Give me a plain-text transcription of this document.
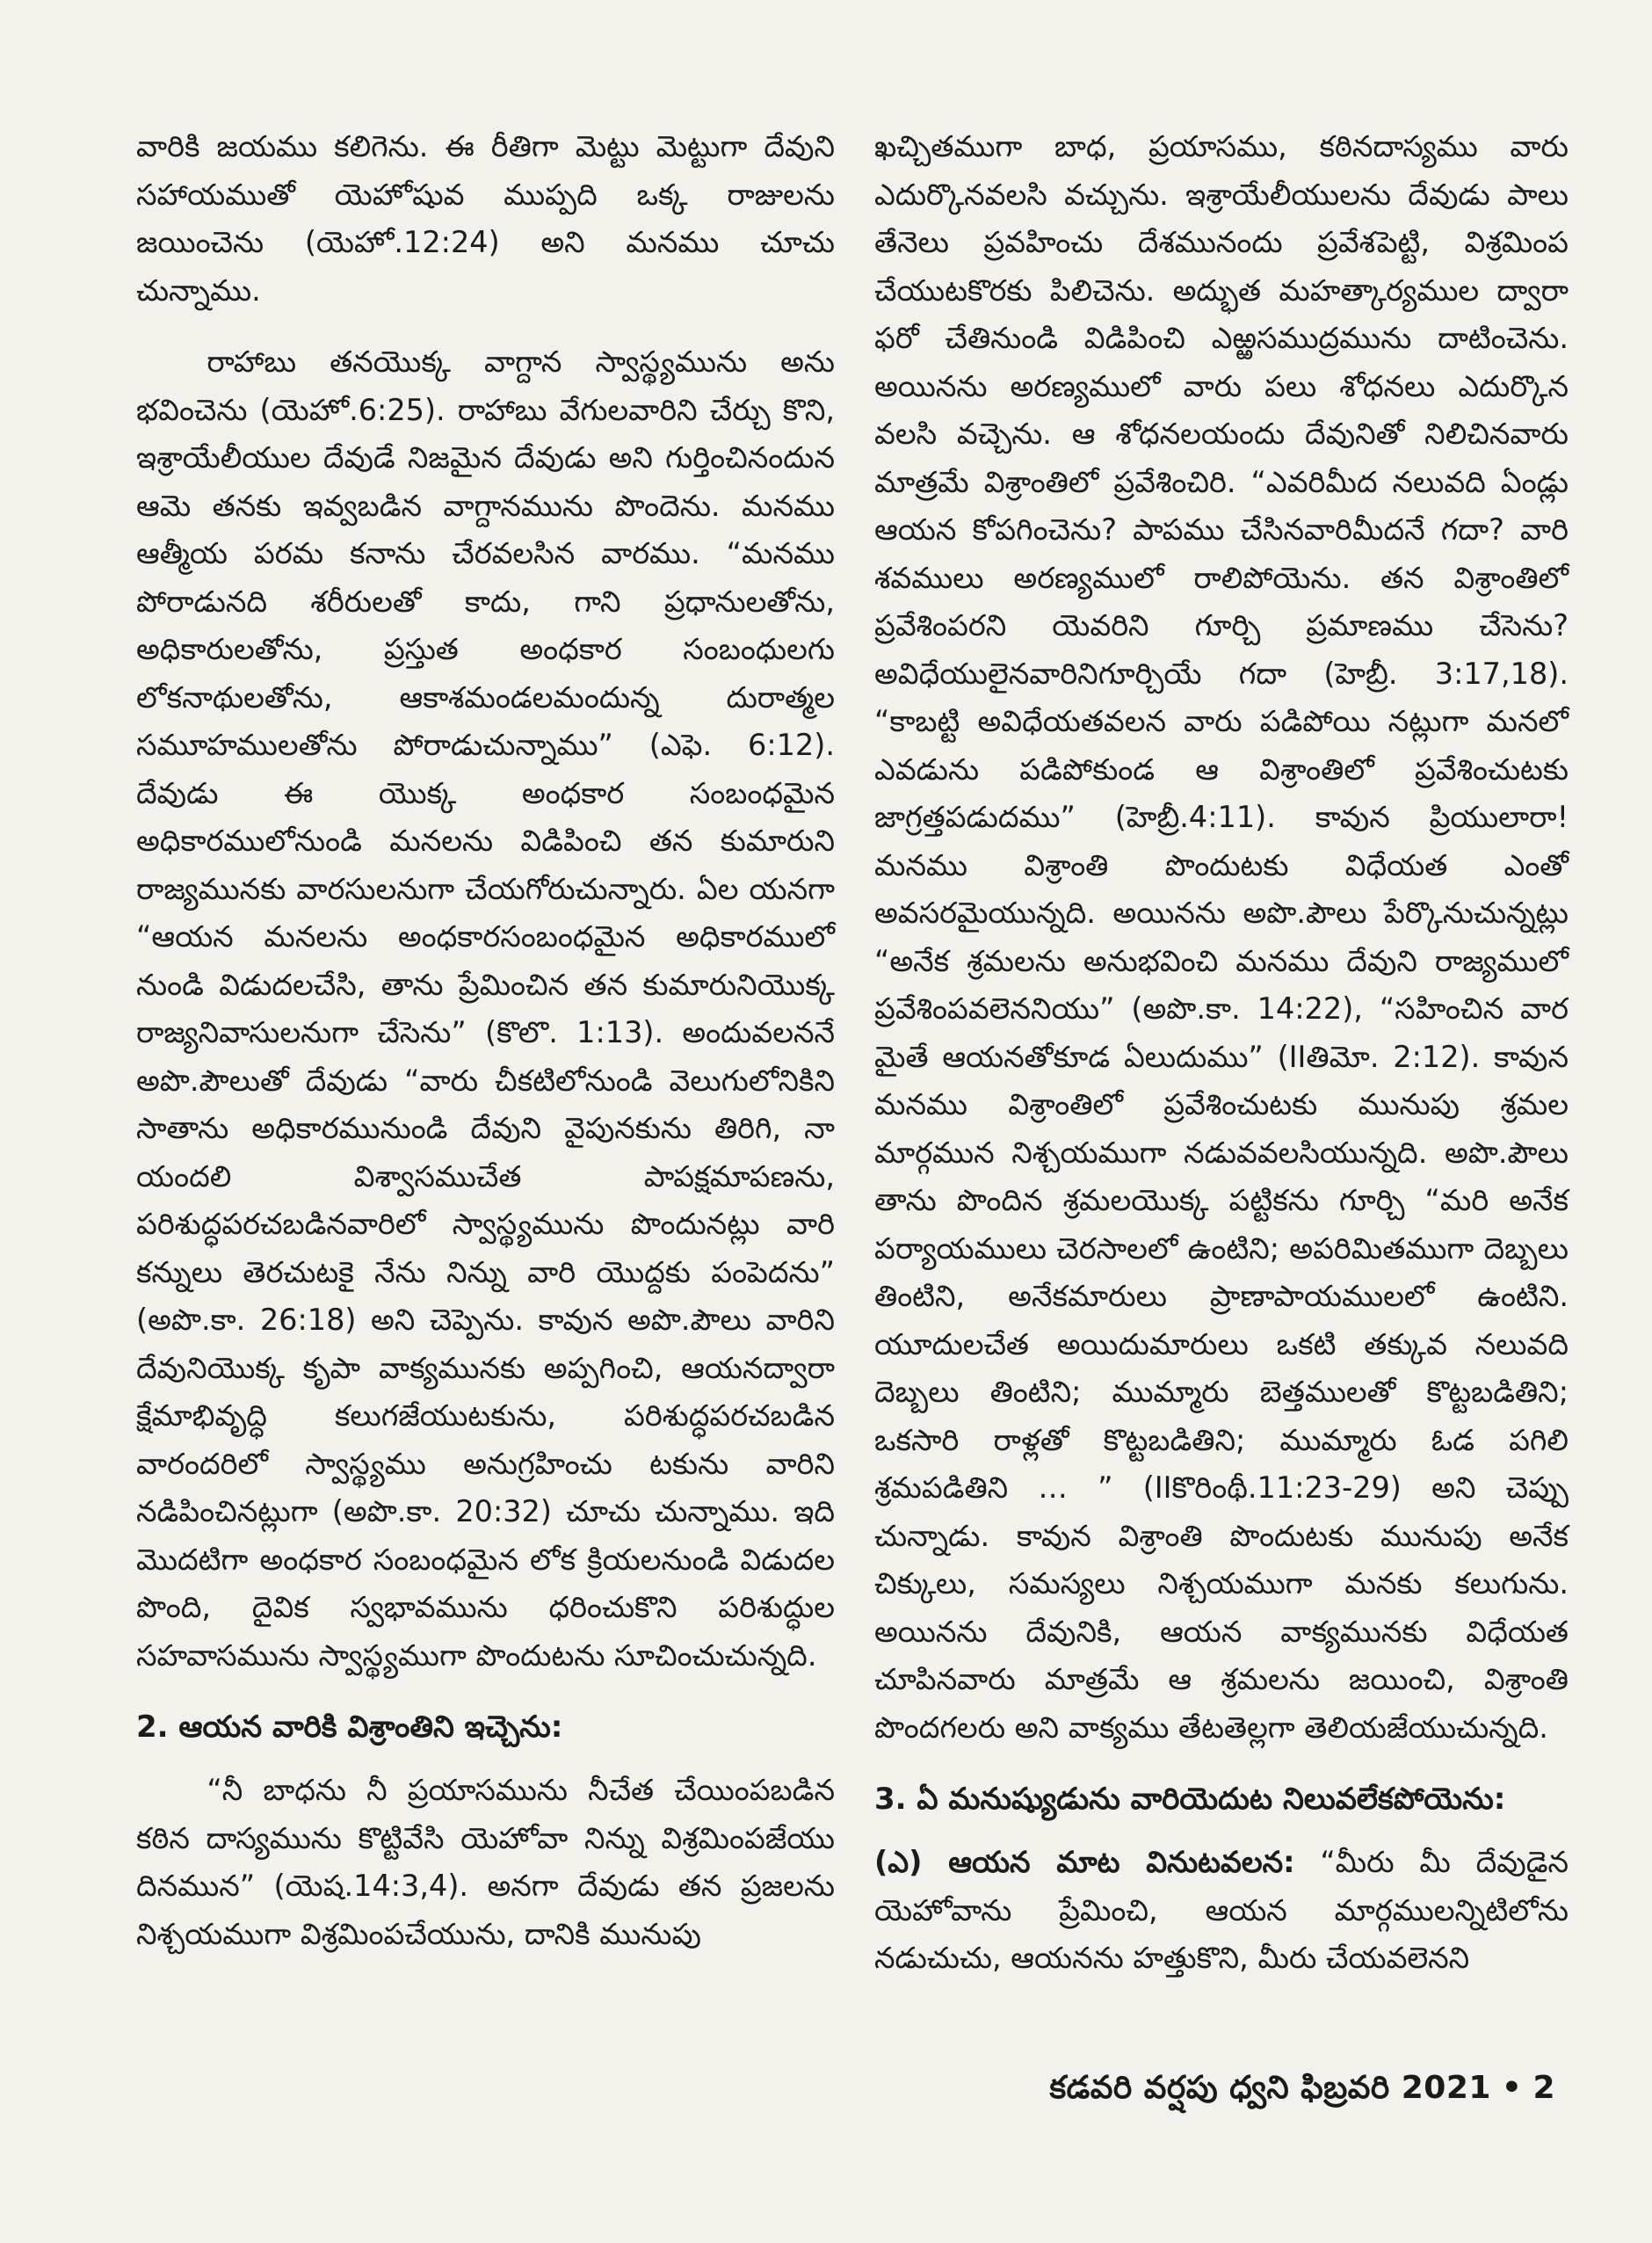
వారికి జయము కలిగెను. ఈ రీతిగా మెట్టు మెట్టుగా దేవుని సహాయముతో యెహోషువ ముప్పది ఒక్క రాజులను జయించెను (యెహో.12:24) అని మనము చూచు చున్నాము.

రాహాబు తనయొక్క వాగ్దాన స్వాస్థ్యమును అను భవించెను (యెహో.6:25). రాహాబు వేగులవారిని చేర్చు కొని, ఇశ్రాయేలీయుల దేవుడే నిజమైన దేవుడు అని గుర్తించినందున ఆమె తనకు ఇవ్వబడిన వాగ్దానమును పొందెను. మనము ఆత్మీయ పరమ కనాను చేరవలసిన వారము. “మనము పోరాడునది శరీరులతో కాదు, గాని ప్రధానులతోను, అధికారులతోను, ప్రస్తుత అంధకార సంబంధులగు లోకనాథులతోను, ఆకాశమండలమందున్న దురాత్మల సమూహములతోను పోరాడుచున్నాము” (ఎఫె. 6:12). దేవుడు ఈ యొక్క అంధకార సంబంధమైన అధికారములోనుండి మనలను విడిపించి తన కుమారుని రాజ్యమునకు వారసులనుగా చేయగోరుచున్నారు. ఏల యనగా “ఆయన మనలను అంధకారసంబంధమైన అధికారములో నుండి విడుదలచేసి, తాను ప్రేమించిన తన కుమారునియొక్క రాజ్యనివాసులనుగా చేసెను” (కొలొ. 1:13). అందువలననే అపొ.పౌలుతో దేవుడు “వారు చీకటిలోనుండి వెలుగులోనికిని సాతాను అధికారమునుండి దేవుని వైపునకును తిరిగి, నా యందలి విశ్వాసముచేత పాపక్షమాపణను, పరిశుద్ధపరచబడినవారిలో స్వాస్థ్యమును పొందునట్లు వారి కన్నులు తెరచుటకై నేను నిన్ను వారి యొద్దకు పంపెదను” (అపొ.కా. 26:18) అని చెప్పెను. కావున అపొ.పౌలు వారిని దేవునియొక్క కృపా వాక్యమునకు అప్పగించి, ఆయనద్వారా క్షేమాభివృద్ధి కలుగజేయుటకును, పరిశుద్ధపరచబడిన వారందరిలో స్వాస్థ్యము అనుగ్రహించు టకును వారిని నడిపించినట్లుగా (అపొ.కా. 20:32) చూచు చున్నాము. ఇది మొదటిగా అంధకార సంబంధమైన లోక క్రియలనుండి విడుదల పొంది, దైవిక స్వభావమును ధరించుకొని పరిశుద్ధుల సహవాసమును స్వాస్థ్యముగా పొందుటను సూచించుచున్నది.

2. ఆయన వారికి విశ్రాంతిని ఇచ్చెను:

“నీ బాధను నీ ప్రయాసమును నీచేత చేయింపబడిన కఠిన దాస్యమును కొట్టివేసి యెహోవా నిన్ను విశ్రమింపజేయు దినమున” (యెష.14:3,4). అనగా దేవుడు తన ప్రజలను నిశ్చయముగా విశ్రమింపచేయును, దానికి మునుపు

ఖచ్చితముగా బాధ, ప్రయాసము, కఠినదాస్యము వారు ఎదుర్కొనవలసి వచ్చును. ఇశ్రాయేలీయులను దేవుడు పాలు తేనెలు ప్రవహించు దేశమునందు ప్రవేశపెట్టి, విశ్రమింప చేయుటకొరకు పిలిచెను. అద్భుత మహత్కార్యముల ద్వారా ఫరో చేతినుండి విడిపించి ఎఱ్ఱసముద్రమును దాటించెను. అయినను అరణ్యములో వారు పలు శోధనలు ఎదుర్కొన వలసి వచ్చెను. ఆ శోధనలయందు దేవునితో నిలిచినవారు మాత్రమే విశ్రాంతిలో ప్రవేశించిరి. “ఎవరిమీద నలువది ఏండ్లు ఆయన కోపగించెను? పాపము చేసినవారిమీదనే గదా? వారి శవములు అరణ్యములో రాలిపోయెను. తన విశ్రాంతిలో ప్రవేశింపరని యెవరిని గూర్చి ప్రమాణము చేసెను? అవిధేయులైనవారినిగూర్చియే గదా (హెబ్రీ. 3:17,18). “కాబట్టి అవిధేయతవలన వారు పడిపోయి నట్లుగా మనలో ఎవడును పడిపోకుండ ఆ విశ్రాంతిలో ప్రవేశించుటకు జాగ్రత్తపడుదము” (హెబ్రీ.4:11). కావున ప్రియులారా! మనము విశ్రాంతి పొందుటకు విధేయత ఎంతో అవసరమైయున్నది. అయినను అపొ.పౌలు పేర్కొనుచున్నట్లు “అనేక శ్రమలను అనుభవించి మనము దేవుని రాజ్యములో ప్రవేశింపవలెననియు” (అపొ.కా. 14:22), “సహించిన వార మైతే ఆయనతోకూడ ఏలుదుము” (IIతిమో. 2:12). కావున మనము విశ్రాంతిలో ప్రవేశించుటకు మునుపు శ్రమల మార్గమున నిశ్చయముగా నడువవలసియున్నది. అపొ.పౌలు తాను పొందిన శ్రమలయొక్క పట్టికను గూర్చి “మరి అనేక పర్యాయములు చెరసాలలో ఉంటిని; అపరిమితముగా దెబ్బలు తింటిని, అనేకమారులు ప్రాణాపాయములలో ఉంటిని. యూదులచేత అయిదుమారులు ఒకటి తక్కువ నలువది దెబ్బలు తింటిని; ముమ్మారు బెత్తములతో కొట్టబడితిని; ఒకసారి రాళ్లతో కొట్టబడితిని; ముమ్మారు ఓడ పగిలి శ్రమపడితిని … ” (IIకొరింథీ.11:23-29) అని చెప్పు చున్నాడు. కావున విశ్రాంతి పొందుటకు మునుపు అనేక చిక్కులు, సమస్యలు నిశ్చయముగా మనకు కలుగును. అయినను దేవునికి, ఆయన వాక్యమునకు విధేయత చూపినవారు మాత్రమే ఆ శ్రమలను జయించి, విశ్రాంతి పొందగలరు అని వాక్యము తేటతెల్లగా తెలియజేయుచున్నది.

3. ఏ మనుష్యుడును వారియెదుట నిలువలేకపోయెను:

(ఎ) ఆయన మాట వినుటవలన: “మీరు మీ దేవుడైన యెహోవాను ప్రేమించి, ఆయన మార్గములన్నిటిలోను నడుచుచు, ఆయనను హత్తుకొని, మీరు చేయవలెనని

కడవరి వర్షపు ధ్వని ఫిబ్రవరి 2021 • 2
